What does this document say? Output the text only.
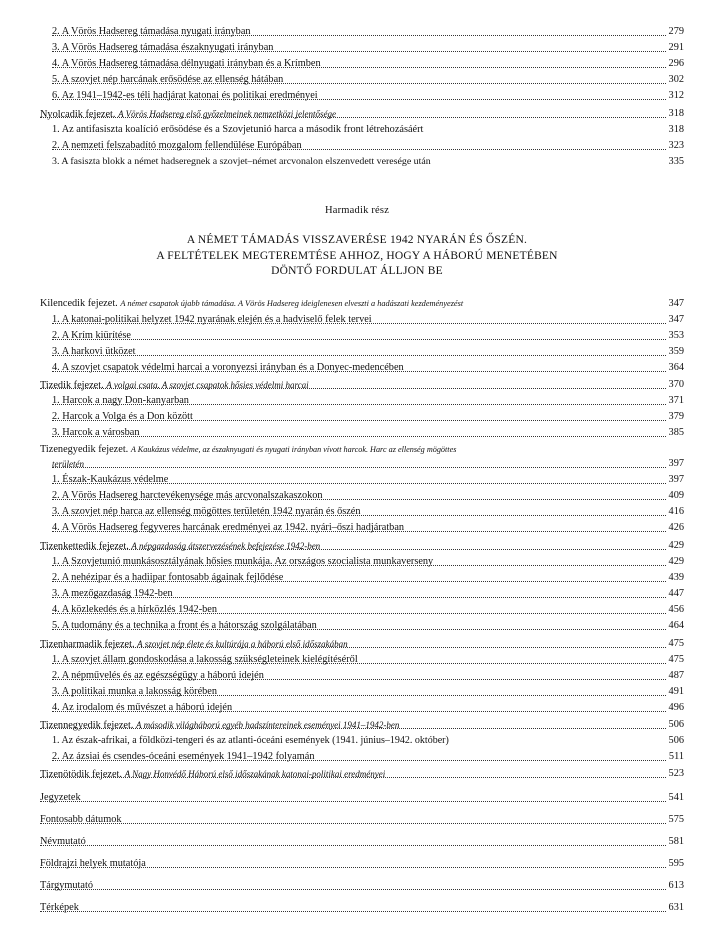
2. A Vörös Hadsereg támadása nyugati irányban	279
3. A Vörös Hadsereg támadása északnyugati irányban	291
4. A Vörös Hadsereg támadása délnyugati irányban és a Krímben	296
5. A szovjet nép harcának erősödése az ellenség hátában	302
6. Az 1941–1942-es téli hadjárat katonai és politikai eredményei	312
Nyolcadik fejezet. A Vörös Hadsereg első győzelmeinek nemzetközi jelentősége	318
1. Az antifasiszta koalíció erősödése és a Szovjetunió harca a második front létrehozásáért	318
2. A nemzeti felszabadító mozgalom fellendülése Európában	323
3. A fasiszta blokk a német hadseregnek a szovjet–német arcvonalon elszenvedett veresége után	335
Harmadik rész
A NÉMET TÁMADÁS VISSZAVERÉSE 1942 NYARÁN ÉS ŐSZÉN.
A FELTÉTELEK MEGTEREMTÉSE AHHOZ, HOGY A HÁBORÚ MENETÉBEN
DÖNTŐ FORDULAT ÁLLJON BE
Kilencedik fejezet. A német csapatok újabb támadása. A Vörös Hadsereg ideiglenesen elveszti a hadászati kezdeményezést	347
1. A katonai-politikai helyzet 1942 nyarának elején és a hadviselő felek tervei	347
2. A Krím kiürítése	353
3. A harkovi ütközet	359
4. A szovjet csapatok védelmi harcai a voronyezsi irányban és a Donyec-medencében	364
Tizedik fejezet. A volgai csata. A szovjet csapatok hősies védelmi harcai	370
1. Harcok a nagy Don-kanyarban	371
2. Harcok a Volga és a Don között	379
3. Harcok a városban	385
Tizenegyedik fejezet. A Kaukázus védelme, az északnyugati és nyugati irányban vívott harcok. Harc az ellenség mögöttes
területén	397
1. Észak-Kaukázus védelme	397
2. A Vörös Hadsereg harctevékenysége más arcvonalszakaszokon	409
3. A szovjet nép harca az ellenség mögöttes területén 1942 nyarán és őszén	416
4. A Vörös Hadsereg fegyveres harcának eredményei az 1942. nyári–őszi hadjáratban	426
Tizenkettedik fejezet. A népgazdaság átszervezésének befejezése 1942-ben	429
1. A Szovjetunió munkásosztályának hősies munkája. Az országos szocialista munkaverseny	429
2. A nehézipar és a hadiipar fontosabb ágainak fejlődése	439
3. A mezőgazdaság 1942-ben	447
4. A közlekedés és a hírközlés 1942-ben	456
5. A tudomány és a technika a front és a hátország szolgálatában	464
Tizenharmadik fejezet. A szovjet nép élete és kultúrája a háború első időszakában	475
1. A szovjet állam gondoskodása a lakosság szükségleteinek kielégítéséről	475
2. A népművelés és az egészségügy a háború idején	487
3. A politikai munka a lakosság körében	491
4. Az irodalom és művészet a háború idején	496
Tizennegyedik fejezet. A második világháború egyéb hadszíntereinek eseményei 1941–1942-ben	506
1. Az észak-afrikai, a földközi-tengeri és az atlanti-óceáni események (1941. június–1942. október)	506
2. Az ázsiai és csendes-óceáni események 1941–1942 folyamán	511
Tizenötödik fejezet. A Nagy Honvédő Háború első időszakának katonai-politikai eredményei	523
Jegyzetek	541
Fontosabb dátumok	575
Névmutató	581
Földrajzi helyek mutatója	595
Tárgymutató	613
Térképek	631
